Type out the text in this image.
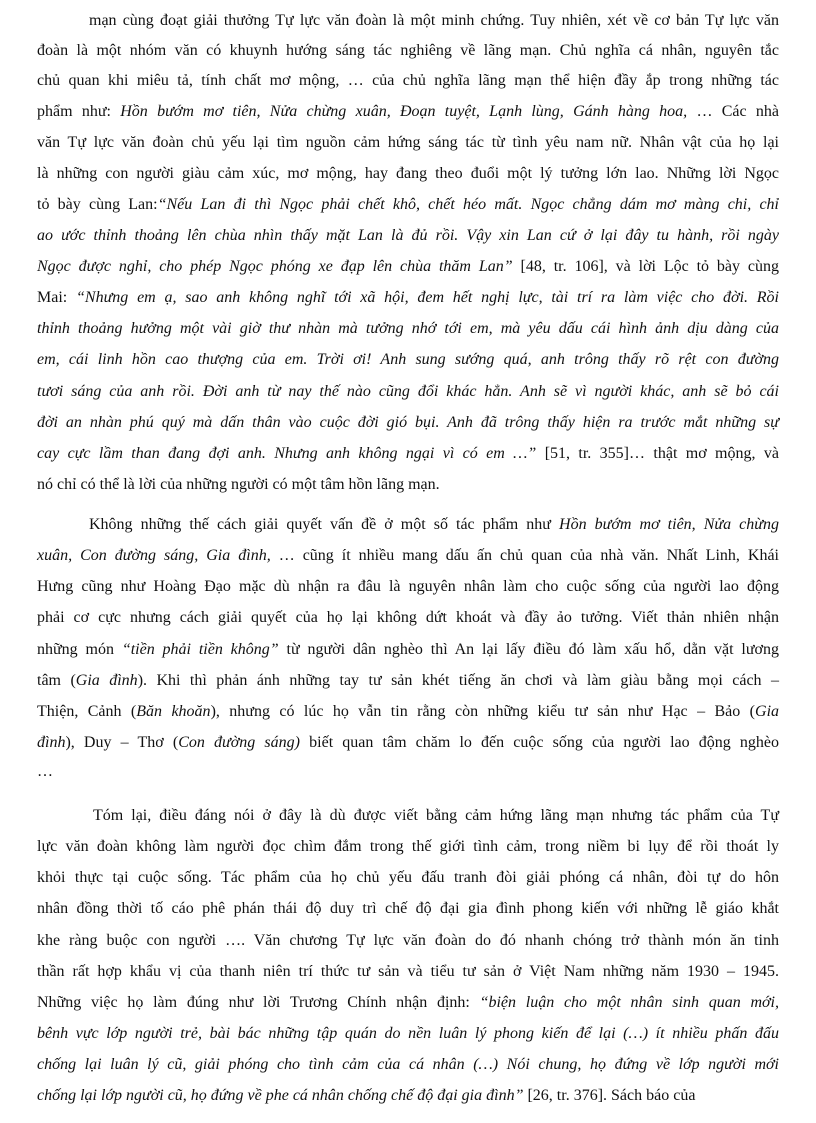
mạn cùng đoạt giải thưởng Tự lực văn đoàn là một minh chứng. Tuy nhiên, xét về cơ bản Tự lực văn
đoàn là một nhóm văn có khuynh hướng sáng tác nghiêng về lãng mạn. Chủ nghĩa cá nhân, nguyên tắc
chủ quan khi miêu tả, tính chất mơ mộng, … của chủ nghĩa lãng mạn thể hiện đầy ắp trong những tác
phẩm như: Hồn bướm mơ tiên, Nửa chừng xuân, Đoạn tuyệt, Lạnh lùng, Gánh hàng hoa, … Các nhà
văn Tự lực văn đoàn chủ yếu lại tìm nguồn cảm hứng sáng tác từ tình yêu nam nữ. Nhân vật của họ lại
là những con người giàu cảm xúc, mơ mộng, hay đang theo đuổi một lý tưởng lớn lao. Những lời Ngọc
tỏ bày cùng Lan:“Nếu Lan đi thì Ngọc phải chết khô, chết héo mất. Ngọc chẳng dám mơ màng chi, chỉ
ao ước thỉnh thoảng lên chùa nhìn thấy mặt Lan là đủ rồi. Vậy xin Lan cứ ở lại đây tu hành, rồi ngày
Ngọc được nghỉ, cho phép Ngọc phóng xe đạp lên chùa thăm Lan” [48, tr. 106], và lời Lộc tỏ bày cùng
Mai: “Nhưng em ạ, sao anh không nghĩ tới xã hội, đem hết nghị lực, tài trí ra làm việc cho đời. Rồi
thỉnh thoảng hưởng một vài giờ thư nhàn mà tưởng nhớ tới em, mà yêu dấu cái hình ảnh dịu dàng của
em, cái linh hồn cao thượng của em. Trời ơi! Anh sung sướng quá, anh trông thấy rõ rệt con đường
tươi sáng của anh rồi. Đời anh từ nay thế nào cũng đổi khác hẳn. Anh sẽ vì người khác, anh sẽ bỏ cái
đời an nhàn phú quý mà dấn thân vào cuộc đời gió bụi. Anh đã trông thấy hiện ra trước mắt những sự
cay cực lầm than đang đợi anh. Nhưng anh không ngại vì có em …” [51, tr. 355]… thật mơ mộng, và
nó chỉ có thể là lời của những người có một tâm hồn lãng mạn.
Không những thế cách giải quyết vấn đề ở một số tác phẩm như Hồn bướm mơ tiên, Nửa chừng
xuân, Con đường sáng, Gia đình, … cũng ít nhiều mang dấu ấn chủ quan của nhà văn. Nhất Linh, Khái
Hưng cũng như Hoàng Đạo mặc dù nhận ra đâu là nguyên nhân làm cho cuộc sống của người lao động
phải cơ cực nhưng cách giải quyết của họ lại không dứt khoát và đầy ảo tưởng. Viết thản nhiên nhận
những món “tiền phải tiền không” từ người dân nghèo thì An lại lấy điều đó làm xấu hổ, dằn vặt lương
tâm (Gia đình). Khi thì phản ánh những tay tư sản khét tiếng ăn chơi và làm giàu bằng mọi cách –
Thiện, Cảnh (Băn khoăn), nhưng có lúc họ vẫn tin rằng còn những kiểu tư sản như Hạc – Bảo (Gia
đình), Duy – Thơ (Con đường sáng) biết quan tâm chăm lo đến cuộc sống của người lao động nghèo
…
Tóm lại, điều đáng nói ở đây là dù được viết bằng cảm hứng lãng mạn nhưng tác phẩm của Tự
lực văn đoàn không làm người đọc chìm đắm trong thế giới tình cảm, trong niềm bi lụy để rồi thoát ly
khỏi thực tại cuộc sống. Tác phẩm của họ chủ yếu đấu tranh đòi giải phóng cá nhân, đòi tự do hôn
nhân đồng thời tố cáo phê phán thái độ duy trì chế độ đại gia đình phong kiến với những lễ giáo khắt
khe ràng buộc con người …. Văn chương Tự lực văn đoàn do đó nhanh chóng trở thành món ăn tinh
thần rất hợp khẩu vị của thanh niên trí thức tư sản và tiểu tư sản ở Việt Nam những năm 1930 – 1945.
Những việc họ làm đúng như lời Trương Chính nhận định: “biện luận cho một nhân sinh quan mới,
bênh vực lớp người trẻ, bài bác những tập quán do nền luân lý phong kiến để lại (…) ít nhiều phấn đấu
chống lại luân lý cũ, giải phóng cho tình cảm của cá nhân (…) Nói chung, họ đứng về lớp người mới
chống lại lớp người cũ, họ đứng về phe cá nhân chống chế độ đại gia đình” [26, tr. 376]. Sách báo của
